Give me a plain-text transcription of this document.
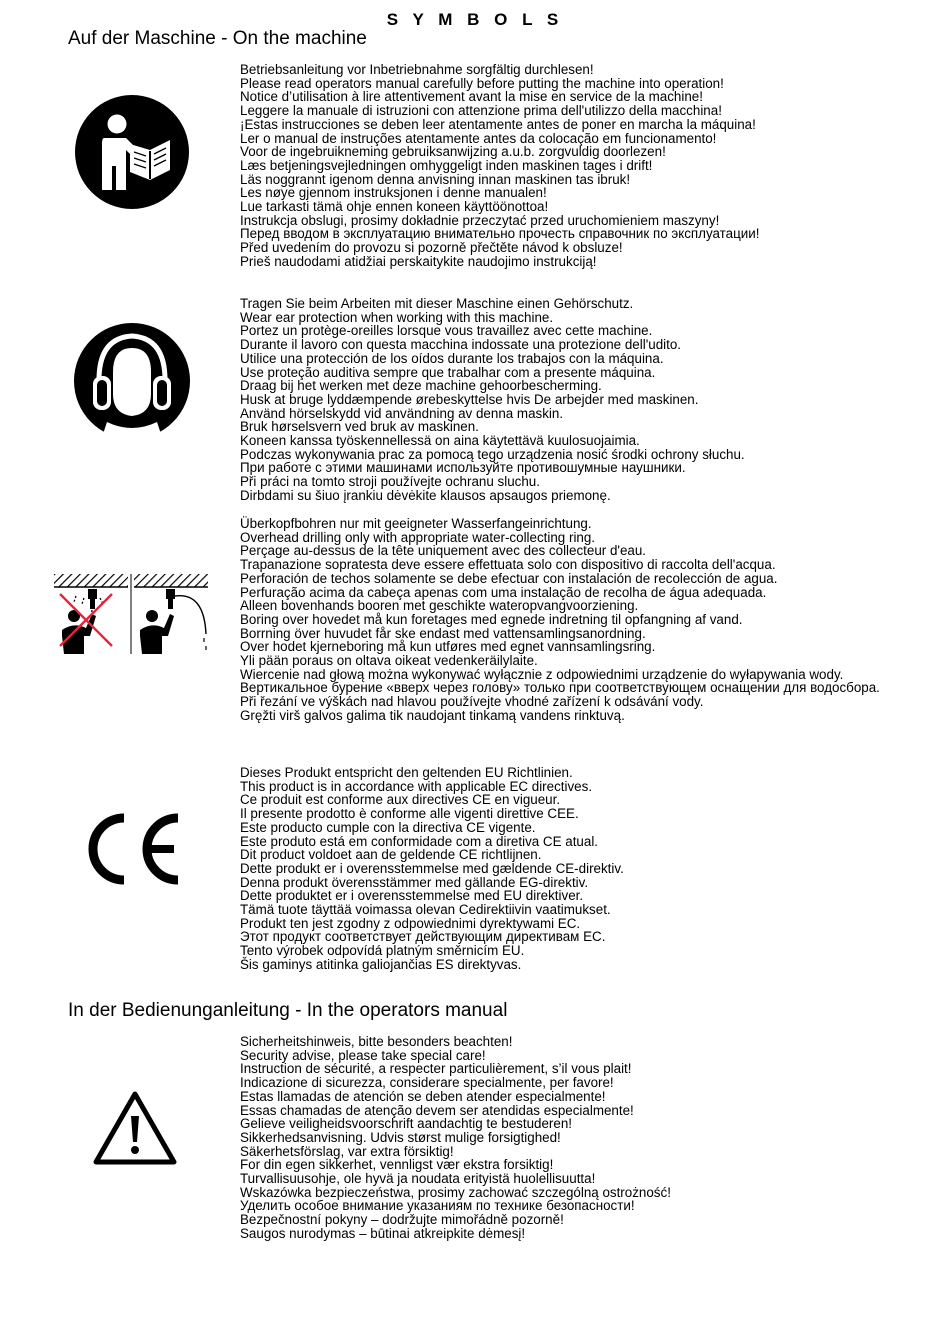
S Y M B O L S
Auf der Maschine - On the machine
Betriebsanleitung vor Inbetriebnahme sorgfältig durchlesen!
Please read operators manual carefully before putting the machine into operation!
Notice d’utilisation à lire attentivement avant la mise en service de la machine!
Leggere la manuale di istruzioni con attenzione prima dell'utilizzo della macchina!
¡Estas instrucciones se deben leer atentamente antes de poner en marcha la máquina!
Ler o manual de instruções atentamente antes da colocação em funcionamento!
Voor de ingebruikneming gebruiksanwijzing a.u.b. zorgvuldig doorlezen!
Læs betjeningsvejledningen omhyggeligt inden maskinen tages i drift!
Läs noggrannt igenom denna anvisning innan maskinen tas ibruk!
Les nøye gjennom instruksjonen i denne manualen!
Lue tarkasti tämä ohje ennen koneen käyttöönottoa!
Instrukcja obslugi, prosimy dokładnie przeczytać przed uruchomieniem maszyny!
Перед вводом в эксплуатацию внимательно прочесть справочник по эксплуатации!
Před uvedením do provozu si pozorně přečtěte návod k obsluze!
Prieš naudodami atidžiai perskaitykite naudojimo instrukciją!
Tragen Sie beim Arbeiten mit dieser Maschine einen Gehörschutz.
Wear ear protection when working with this machine.
Portez un protège-oreilles lorsque vous travaillez avec cette machine.
Durante il lavoro con questa macchina indossate una protezione dell'udito.
Utilice una protección de los oídos durante los trabajos con la máquina.
Use proteção auditiva sempre que trabalhar com a presente máquina.
Draag bij het werken met deze machine gehoorbescherming.
Husk at bruge lyddæmpende ørebeskyttelse hvis De arbejder med maskinen.
Använd hörselskydd vid användning av denna maskin.
Bruk hørselsvern ved bruk av maskinen.
Koneen kanssa työskennellessä on aina käytettävä kuulosuojaimia.
Podczas wykonywania prac za pomocą tego urządzenia nosić środki ochrony słuchu.
При работе с этими машинами используйте противошумные наушники.
Při práci na tomto stroji používejte ochranu sluchu.
Dirbdami su šiuo įrankiu dėvėkite klausos apsaugos priemonę.
Überkopfbohren nur mit geeigneter Wasserfangeinrichtung.
Overhead drilling only with appropriate water-collecting ring.
Perçage au-dessus de la tête uniquement avec des collecteur d'eau.
Trapanazione sopratesta deve essere effettuata solo con dispositivo di raccolta dell'acqua.
Perforación de techos solamente se debe efectuar con instalación de recolección de agua.
Perfuração acima da cabeça apenas com uma instalação de recolha de água adequada.
Alleen bovenhands booren met geschikte wateropvangvoorziening.
Boring over hovedet må kun foretages med egnede indretning til opfangning af vand.
Borrning över huvudet får ske endast med vattensamlingsanordning.
Over hodet kjerneboring må kun utføres med egnet vannsamlingsring.
Yli pään poraus on oltava oikeat vedenkeräilylaite.
Wiercenie nad głową można wykonywać wyłącznie z odpowiednimi urządzenie do wyłapywania wody.
Вертикальное бурение «вверх через голову» только при соответствующем оснащении для водосбора.
Při řezání ve výškách nad hlavou používejte vhodné zařízení k odsávání vody.
Gręžti virš galvos galima tik naudojant tinkamą vandens rinktuvą.
Dieses Produkt entspricht den geltenden EU Richtlinien.
This product is in accordance with applicable EC directives.
Ce produit est conforme aux directives CE en vigueur.
Il presente prodotto è conforme alle vigenti direttive CEE.
Este producto cumple con la directiva CE vigente.
Este produto está em conformidade com a diretiva CE atual.
Dit product voldoet aan de geldende CE richtlijnen.
Dette produkt er i overensstemmelse med gældende CE-direktiv.
Denna produkt överensstämmer med gällande EG-direktiv.
Dette produktet er i overensstemmelse med EU direktiver.
Tämä tuote täyttää voimassa olevan Cedirektiivin vaatimukset.
Produkt ten jest zgodny z odpowiednimi dyrektywami EC.
Этот продукт соответствует действующим директивам ЕС.
Tento výrobek odpovídá platným směrnicím EU.
Šis gaminys atitinka galiojančias ES direktyvas.
In der Bedienunganleitung - In the operators manual
Sicherheitshinweis, bitte besonders beachten!
Security advise, please take special care!
Instruction de sécurité, a respecter particulièrement, s’il vous plait!
Indicazione di sicurezza, considerare specialmente, per favore!
Estas llamadas de atención se deben atender especialmente!
Essas chamadas de atenção devem ser atendidas especialmente!
Gelieve veiligheidsvoorschrift aandachtig te bestuderen!
Sikkerhedsanvisning. Udvis størst mulige forsigtighed!
Säkerhetsförslag, var extra försiktig!
For din egen sikkerhet, vennligst vær ekstra forsiktig!
Turvallisuusohje, ole hyvä ja noudata erityistä huolellisuutta!
Wskazówka bezpieczeństwa, prosimy zachować szczególną ostrożność!
Уделить особое внимание указаниям по технике безопасности!
Bezpečnostní pokyny – dodržujte mimořádně pozorně!
Saugos nurodymas – būtinai atkreipkite dėmesį!
